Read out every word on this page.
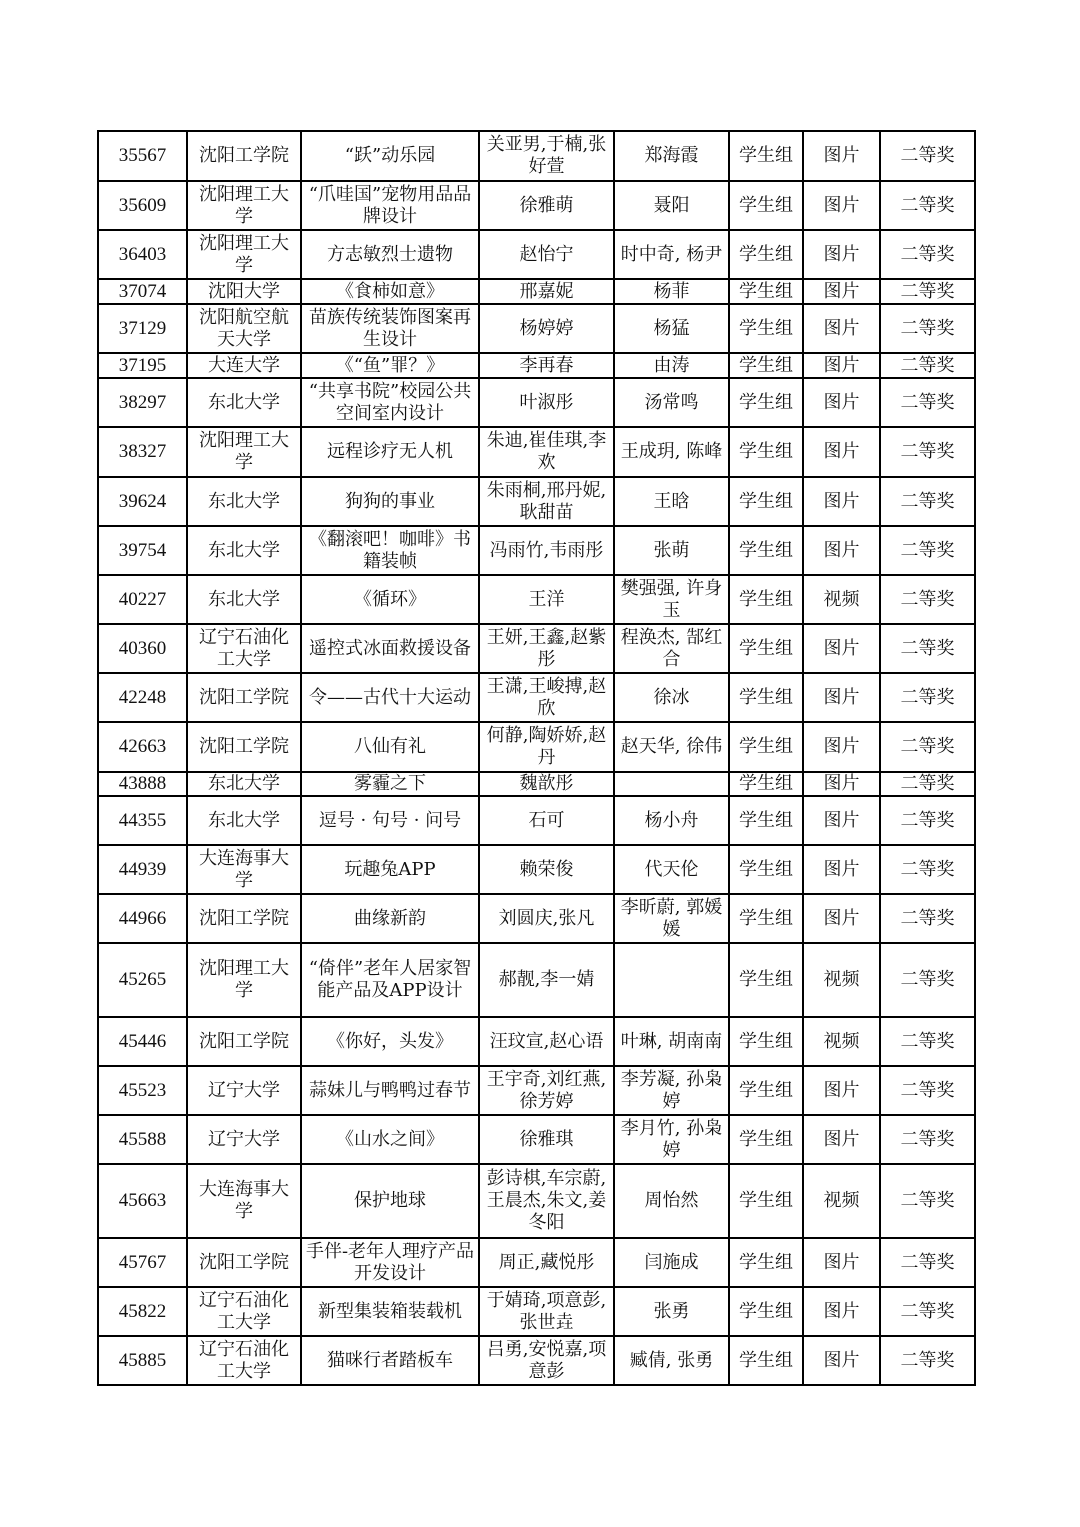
35567	沈阳工学院	“跃”动乐园	关亚男,于楠,张好萱	郑海霞	学生组	图片	二等奖
35609	沈阳理工大学	“爪哇国”宠物用品品牌设计	徐雅萌	聂阳	学生组	图片	二等奖
36403	沈阳理工大学	方志敏烈士遗物	赵怡宁	时中奇, 杨尹	学生组	图片	二等奖
37074	沈阳大学	《食柿如意》	邢嘉妮	杨菲	学生组	图片	二等奖
37129	沈阳航空航天大学	苗族传统装饰图案再生设计	杨婷婷	杨猛	学生组	图片	二等奖
37195	大连大学	《“鱼”罪？》	李再春	由涛	学生组	图片	二等奖
38297	东北大学	“共享书院”校园公共空间室内设计	叶淑彤	汤常鸣	学生组	图片	二等奖
38327	沈阳理工大学	远程诊疗无人机	朱迪,崔佳琪,李欢	王成玥, 陈峰	学生组	图片	二等奖
39624	东北大学	狗狗的事业	朱雨桐,邢丹妮,耿甜苗	王晗	学生组	图片	二等奖
39754	东北大学	《翻滚吧！咖啡》书籍装帧	冯雨竹,韦雨彤	张萌	学生组	图片	二等奖
40227	东北大学	《循环》	王洋	樊强强, 许身玉	学生组	视频	二等奖
40360	辽宁石油化工大学	遥控式冰面救援设备	王妍,王鑫,赵紫彤	程涣杰, 郜红合	学生组	图片	二等奖
42248	沈阳工学院	令——古代十大运动	王潇,王峻搏,赵欣	徐冰	学生组	图片	二等奖
42663	沈阳工学院	八仙有礼	何静,陶娇娇,赵丹	赵天华, 徐伟	学生组	图片	二等奖
43888	东北大学	雾霾之下	魏歆彤		学生组	图片	二等奖
44355	东北大学	逗号 · 句号 · 问号	石可	杨小舟	学生组	图片	二等奖
44939	大连海事大学	玩趣兔APP	赖荣俊	代天伦	学生组	图片	二等奖
44966	沈阳工学院	曲缘新韵	刘圆庆,张凡	李昕蔚, 郭媛媛	学生组	图片	二等奖
45265	沈阳理工大学	“倚伴”老年人居家智能产品及APP设计	郝靓,李一婧		学生组	视频	二等奖
45446	沈阳工学院	《你好，头发》	汪玟宣,赵心语	叶琳, 胡南南	学生组	视频	二等奖
45523	辽宁大学	蒜妹儿与鸭鸭过春节	王宇奇,刘红燕,徐芳婷	李芳凝, 孙枭婷	学生组	图片	二等奖
45588	辽宁大学	《山水之间》	徐雅琪	李月竹, 孙枭婷	学生组	图片	二等奖
45663	大连海事大学	保护地球	彭诗棋,车宗蔚,王晨杰,朱文,姜冬阳	周怡然	学生组	视频	二等奖
45767	沈阳工学院	手伴-老年人理疗产品开发设计	周正,藏悦彤	闫施成	学生组	图片	二等奖
45822	辽宁石油化工大学	新型集装箱装载机	于婧琦,项意彭,张世垚	张勇	学生组	图片	二等奖
45885	辽宁石油化工大学	猫咪行者踏板车	吕勇,安悦嘉,项意彭	臧倩, 张勇	学生组	图片	二等奖
